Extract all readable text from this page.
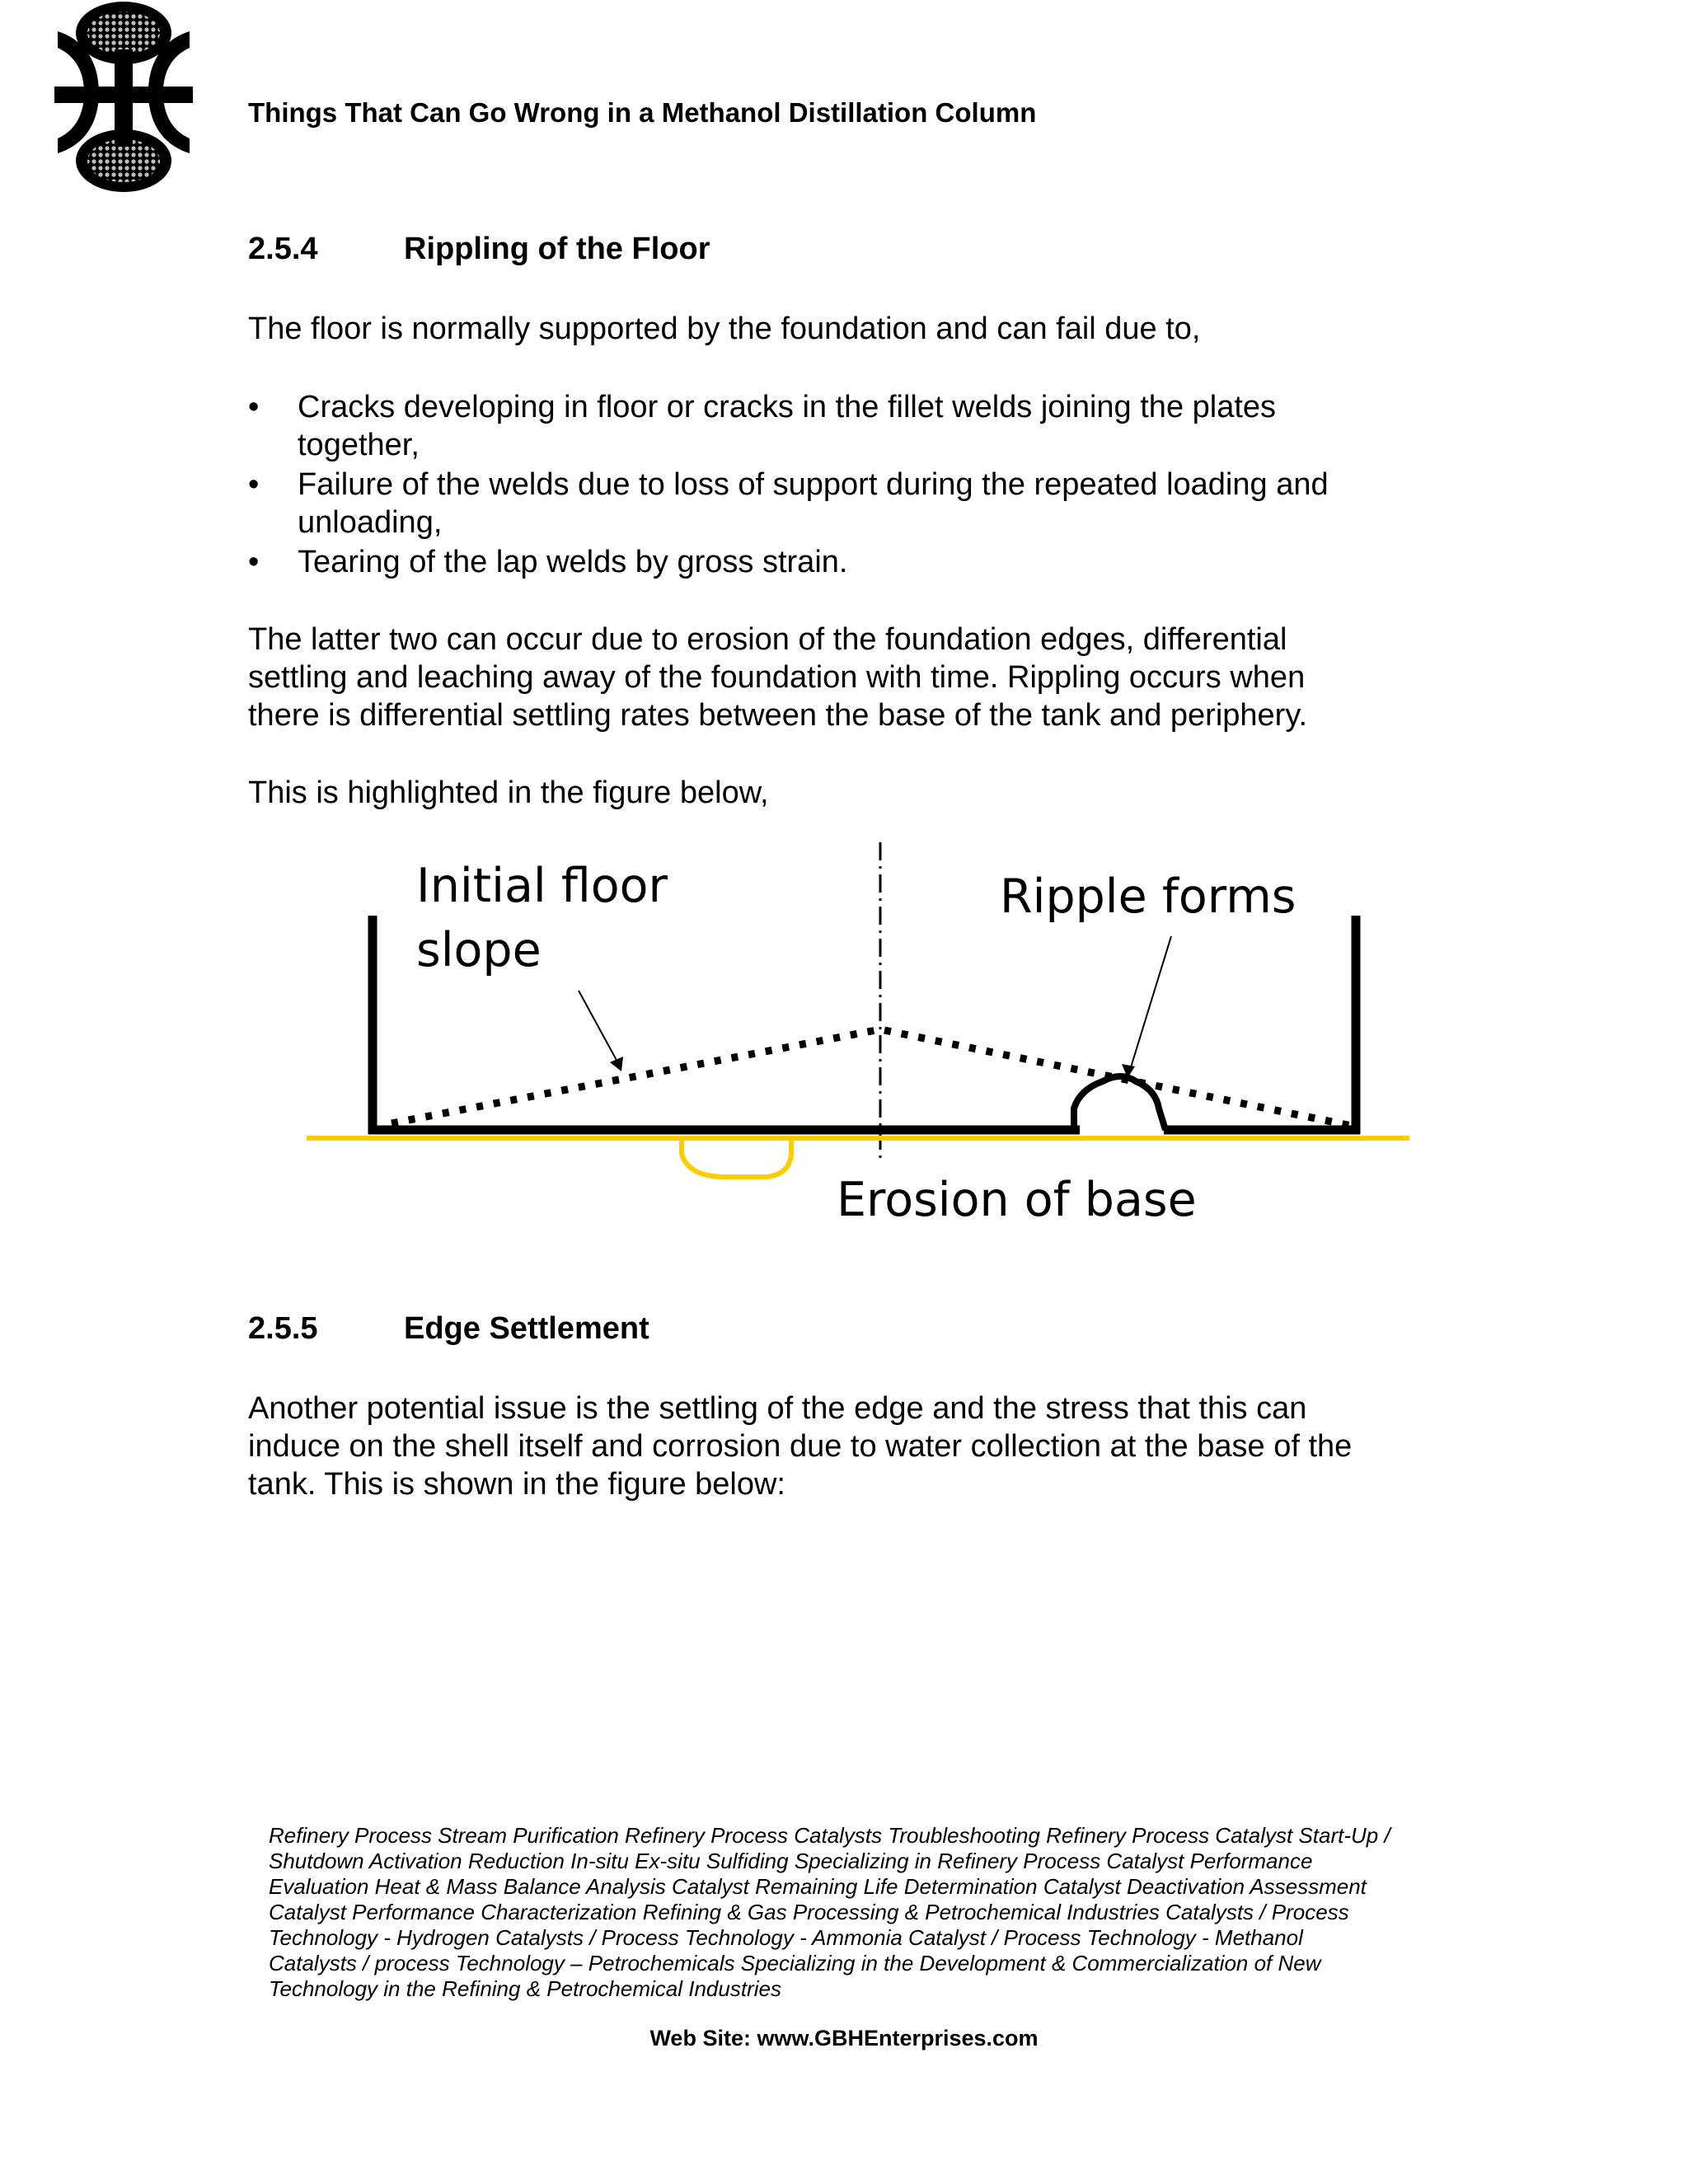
Things That Can Go Wrong in a Methanol Distillation Column
2.5.4	Rippling of the Floor
The floor is normally supported by the foundation and can fail due to,
• Cracks developing in floor or cracks in the fillet welds joining the plates
together,
• Failure of the welds due to loss of support during the repeated loading and
unloading,
• Tearing of the lap welds by gross strain.
The latter two can occur due to erosion of the foundation edges, differential
settling and leaching away of the foundation with time. Rippling occurs when
there is differential settling rates between the base of the tank and periphery.
This is highlighted in the figure below,
Initial floor
slope
Ripple forms
Erosion of base
2.5.5	Edge Settlement
Another potential issue is the settling of the edge and the stress that this can
induce on the shell itself and corrosion due to water collection at the base of the
tank. This is shown in the figure below:
Refinery Process Stream Purification Refinery Process Catalysts Troubleshooting Refinery Process Catalyst Start-Up /
Shutdown Activation Reduction In-situ Ex-situ Sulfiding Specializing in Refinery Process Catalyst Performance
Evaluation Heat & Mass Balance Analysis Catalyst Remaining Life Determination Catalyst Deactivation Assessment
Catalyst Performance Characterization Refining & Gas Processing & Petrochemical Industries Catalysts / Process
Technology - Hydrogen Catalysts / Process Technology - Ammonia Catalyst / Process Technology - Methanol
Catalysts / process Technology – Petrochemicals Specializing in the Development & Commercialization of New
Technology in the Refining & Petrochemical Industries
Web Site: www.GBHEnterprises.com
